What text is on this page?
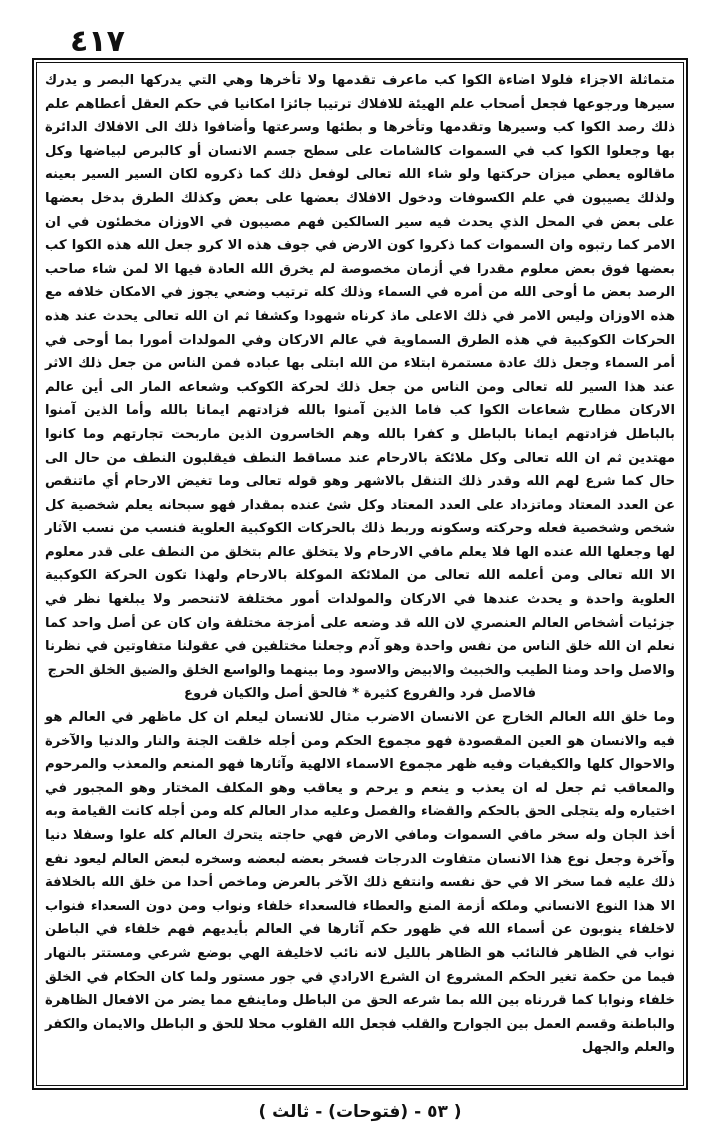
٤١٧

متماثلة الاجزاء فلولا اضاءة الكوا كب ماعرف تقدمها ولا تأخرها وهي التي يدركها البصر و يدرك سيرها ورجوعها فجعل أصحاب علم الهيئة للافلاك ترتيبا جائزا امكانيا في حكم العقل أعطاهم علم ذلك رصد الكوا كب وسيرها وتقدمها وتأخرها و بطئها وسرعتها وأضافوا ذلك الى الافلاك الدائرة بها وجعلوا الكوا كب في السموات كالشامات على سطح جسم الانسان أو كالبرص لبياضها وكل ماقالوه يعطي ميزان حركتها ولو شاء الله تعالى لوفعل ذلك كما ذكروه لكان السير السير بعينه ولذلك يصيبون في علم الكسوفات ودخول الافلاك بعضها على بعض وكذلك الطرق بدخل بعضها على بعض في المحل الذي يحدث فيه سير السالكين فهم مصيبون في الاوزان مخطئون في ان الامر كما رتبوه وان السموات كما ذكروا كون الارض في جوف هذه الا كرو جعل الله هذه الكوا كب بعضها فوق بعض معلوم مقدرا في أزمان مخصوصة لم يخرق الله العادة فيها الا لمن شاء صاحب الرصد بعض ما أوحى الله من أمره في السماء وذلك كله ترتيب وضعي يجوز في الامكان خلافه مع هذه الاوزان وليس الامر في ذلك الاعلى ماذ كرناه شهودا وكشفا ثم ان الله تعالى يحدث عند هذه الحركات الكوكبية في هذه الطرق السماوية في عالم الاركان وفي المولدات أمورا بما أوحى في أمر السماء وجعل ذلك عادة مستمرة ابتلاء من الله ابتلى بها عباده فمن الناس من جعل ذلك الاثر عند هذا السير لله تعالى ومن الناس من جعل ذلك لحركة الكوكب وشعاعه المار الى أين عالم الاركان مطارح شعاعات الكوا كب فاما الذين آمنوا بالله فزادتهم ايمانا بالله وأما الذين آمنوا بالباطل فزادتهم ايمانا بالباطل و كفرا بالله وهم الخاسرون الذين ماربحت تجارتهم وما كانوا مهتدين ثم ان الله تعالى وكل ملائكة بالارحام عند مساقط النطف فيقلبون النطف من حال الى حال كما شرع لهم الله وقدر ذلك التنقل بالاشهر وهو قوله تعالى وما تغيض الارحام أي ماتنقص عن العدد المعتاد وماتزداد على العدد المعتاد وكل شئ عنده بمقدار فهو سبحانه يعلم شخصية كل شخص وشخصية فعله وحركته وسكونه وربط ذلك بالحركات الكوكبية العلوية فنسب من نسب الآثار لها وجعلها الله عنده الها فلا يعلم مافي الارحام ولا يتخلق عالم بتخلق من النطف على قدر معلوم الا الله تعالى ومن أعلمه الله تعالى من الملائكة الموكلة بالارحام ولهذا تكون الحركة الكوكبية العلوية واحدة و يحدث عندها في الاركان والمولدات أمور مختلفة لاتنحصر ولا يبلغها نظر في جزئيات أشخاص العالم العنصري لان الله قد وضعه على أمزجة مختلفة وان كان عن أصل واحد كما نعلم ان الله خلق الناس من نفس واحدة وهو آدم وجعلنا مختلفين في عقولنا متفاوتين في نظرنا والاصل واحد ومنا الطيب والخبيث والابيض والاسود وما بينهما والواسع الخلق والضيق الخلق الحرج

فالاصل فرد والفروع كثيرة * فالحق أصل والكيان فروع

وما خلق الله العالم الخارج عن الانسان الاضرب مثال للانسان ليعلم ان كل ماظهر في العالم هو فيه والانسان هو العين المقصودة فهو مجموع الحكم ومن أجله خلقت الجنة والنار والدنيا والآخرة والاحوال كلها والكيفيات وفيه ظهر مجموع الاسماء الالهية وآثارها فهو المنعم والمعذب والمرحوم والمعاقب ثم جعل له ان يعذب و ينعم و يرحم و يعاقب وهو المكلف المختار وهو المجبور في اختياره وله يتجلى الحق بالحكم والقضاء والفصل وعليه مدار العالم كله ومن أجله كانت القيامة وبه أخذ الجان وله سخر مافي السموات ومافي الارض فهي حاجته يتحرك العالم كله علوا وسفلا دنيا وآخرة وجعل نوع هذا الانسان متفاوت الدرجات فسخر بعضه لبعضه وسخره لبعض العالم ليعود نفع ذلك عليه فما سخر الا في حق نفسه وانتفع ذلك الآخر بالعرض وماخص أحدا من خلق الله بالخلافة الا هذا النوع الانساني وملكه أزمة المنع والعطاء فالسعداء خلفاء ونواب ومن دون السعداء فنواب لاخلفاء ينوبون عن أسماء الله في ظهور حكم آثارها في العالم بأيديهم فهم خلفاء في الباطن نواب في الظاهر فالنائب هو الظاهر بالليل لانه نائب لاخليفة الهي بوضع شرعي ومستتر بالنهار فيما من حكمة تغير الحكم المشروع ان الشرع الارادي في جور مستور ولما كان الحكام في الخلق خلفاء ونوابا كما قررناه بين الله بما شرعه الحق من الباطل وماينفع مما يضر من الافعال الظاهرة والباطنة وقسم العمل بين الجوارح والقلب فجعل الله القلوب محلا للحق و الباطل والايمان والكفر والعلم والجهل

( ٥٣ - (فتوحات) - ثالث )
